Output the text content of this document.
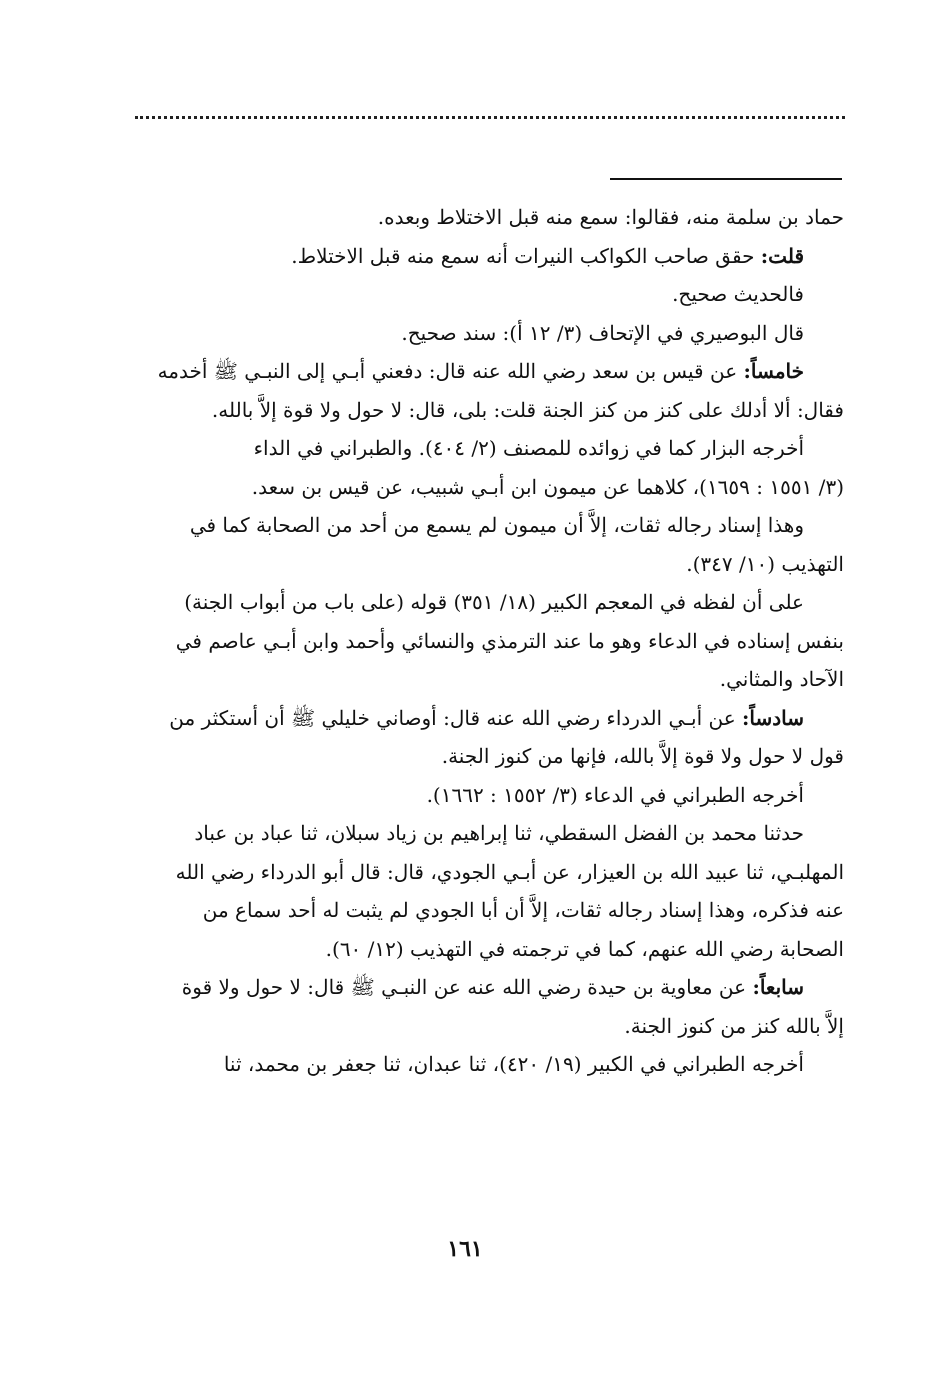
حماد بن سلمة منه، فقالوا: سمع منه قبل الاختلاط وبعده.

قلت: حقق صاحب الكواكب النيرات أنه سمع منه قبل الاختلاط.

فالحديث صحيح.

قال البوصيري في الإتحاف (٣/ ١٢ أ): سند صحيح.

خامساً: عن قيس بن سعد رضي الله عنه قال: دفعني أبـي إلى النبـي ﷺ أخدمه

فقال: ألا أدلك على كنز من كنز الجنة قلت: بلى، قال: لا حول ولا قوة إلاَّ بالله.

أخرجه البزار كما في زوائده للمصنف (٢/ ٤٠٤). والطبراني في الداء

(٣/ ١٥٥١ : ١٦٥٩)، كلاهما عن ميمون ابن أبـي شبيب، عن قيس بن سعد.

وهذا إسناد رجاله ثقات، إلاَّ أن ميمون لم يسمع من أحد من الصحابة كما في

التهذيب (١٠/ ٣٤٧).

على أن لفظه في المعجم الكبير (١٨/ ٣٥١) قوله (على باب من أبواب الجنة)

بنفس إسناده في الدعاء وهو ما عند الترمذي والنسائي وأحمد وابن أبـي عاصم في

الآحاد والمثاني.

سادساً: عن أبـي الدرداء رضي الله عنه قال: أوصاني خليلي ﷺ أن أستكثر من

قول لا حول ولا قوة إلاَّ بالله، فإنها من كنوز الجنة.

أخرجه الطبراني في الدعاء (٣/ ١٥٥٢ : ١٦٦٢).

حدثنا محمد بن الفضل السقطي، ثنا إبراهيم بن زياد سبلان، ثنا عباد بن عباد

المهلبـي، ثنا عبيد الله بن العيزار، عن أبـي الجودي، قال: قال أبو الدرداء رضي الله

عنه فذكره، وهذا إسناد رجاله ثقات، إلاَّ أن أبا الجودي لم يثبت له أحد سماع من

الصحابة رضي الله عنهم، كما في ترجمته في التهذيب (١٢/ ٦٠).

سابعاً: عن معاوية بن حيدة رضي الله عنه عن النبـي ﷺ قال: لا حول ولا قوة

إلاَّ بالله كنز من كنوز الجنة.

أخرجه الطبراني في الكبير (١٩/ ٤٢٠)، ثنا عبدان، ثنا جعفر بن محمد، ثنا

١٦١
